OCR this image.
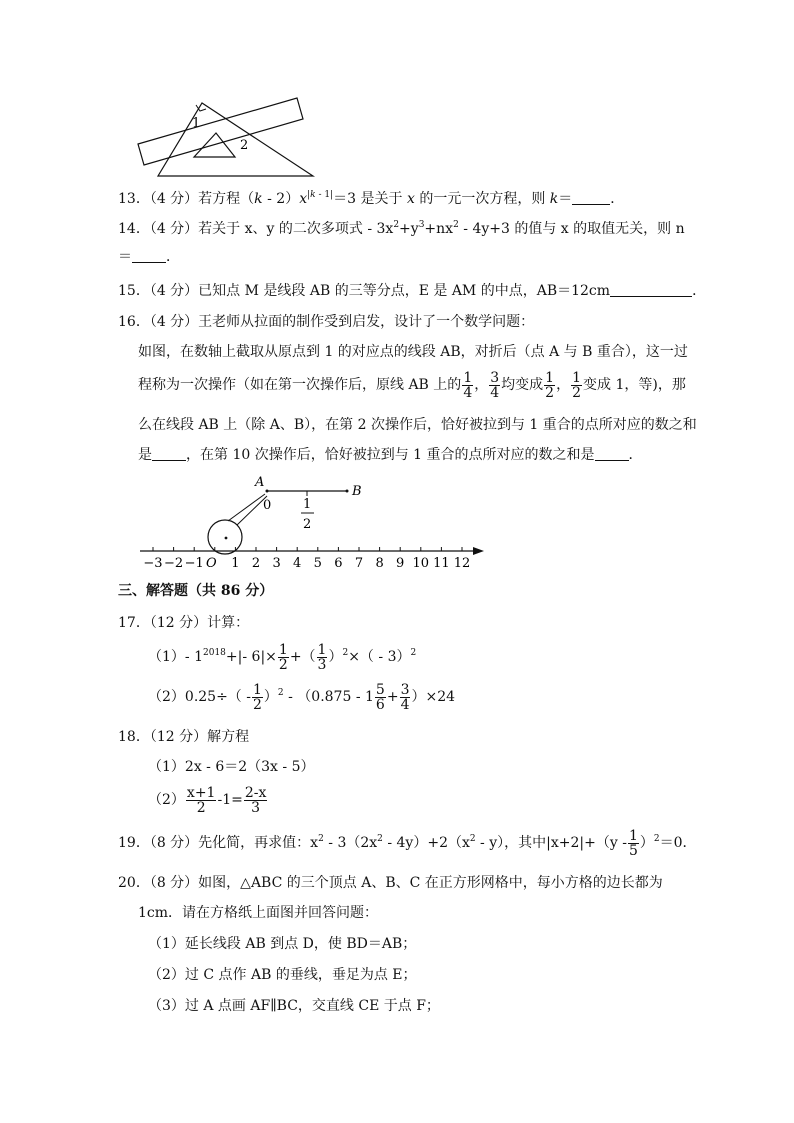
1
2
13．（4 分）若方程$(k - 2)x^{|k - 1|}=3$ 是关于 x 的一元一次方程，则 k＝	．
14．（4 分）若关于 x、y 的二次多项式 - $3x^2+y^3+nx^2 - 4y+3$ 的值与 x 的取值无关，则 n
＝ ．
15．（4 分）已知点 M 是线段 AB 的三等分点，E 是 AM 的中点，AB＝12cm	．
16．（4 分）王老师从拉面的制作受到启发，设计了一个数学问题：
如图，在数轴上截取从原点到 1 的对应点的线段 AB，对折后（点 A 与 B 重合），这一过
程称为一次操作（如在第一次操作后，原线 AB 上的 $\frac{1}{4}$ ， $\frac{3}{4}$ 均变成 $\frac{1}{2}$ ， $\frac{1}{2}$ 变成 1，等)，那
么在线段 AB 上（除 A、B），在第 2 次操作后，恰好被拉到与 1 重合的点所对应的数之和
是 ，在第 10 次操作后，恰好被拉到与 1 重合的点所对应的数之和是 ．
A
B
0 1
2
−3 −2 −1 1 2 3 4 5 6 7 8 9 10 11 12
O
三、解答题（共 86 分）
17．（12 分）计算：
（1）- $1^{2018}+|-$ $6|\times \frac{1}{2}$ +（ $\frac{1}{3} )^2\times( - 3)^2$
$(2)0.25\div( - \frac{1}{2} )^2 - (0.875 - 1 \frac{5}{6} + \frac{3}{4} )\times 24$
18．（12 分）解方程
（1）2x - 6＝2（3x - 5）
$(2) \frac{x+1}{2} -1= \frac{2-x}{3}$
19．（8 分）先化简，再求值：$x^2 - 3(2x^2 - 4y)+2(x^2 - y)$，其中$|x+2|+(y - \frac{1}{5} )^2=0$．
20．（8 分）如图，△ABC 的三个顶点 A、B、C 在正方形网格中，每小方格的边长都为
1cm．请在方格纸上面图并回答问题：
（1）延长线段 AB 到点 D，使 BD＝AB；
（2）过 C 点作 AB 的垂线，垂足为点 E；
（3）过 A 点画 AF∥BC，交直线 CE 于点 F；
